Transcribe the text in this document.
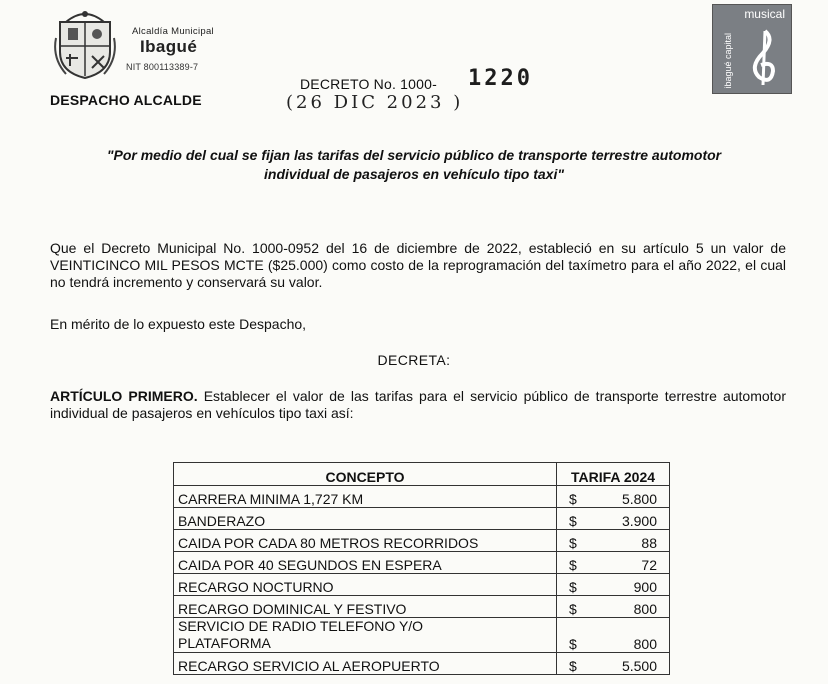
Alcaldía Municipal
Ibagué
NIT 800113389-7
DESPACHO ALCALDE
DECRETO No. 1000- 1220
(26 DIC 2023 )
musical
ibagué capital
"Por medio del cual se fijan las tarifas del servicio público de transporte terrestre automotor
individual de pasajeros en vehículo tipo taxi"
Que el Decreto Municipal No. 1000-0952 del 16 de diciembre de 2022, estableció en su artículo 5 un valor de VEINTICINCO MIL PESOS MCTE ($25.000) como costo de la reprogramación del taxímetro para el año 2022, el cual no tendrá incremento y conservará su valor.
En mérito de lo expuesto este Despacho,
DECRETA:
ARTÍCULO PRIMERO. Establecer el valor de las tarifas para el servicio público de transporte terrestre automotor individual de pasajeros en vehículos tipo taxi así:
CONCEPTO	TARIFA 2024
CARRERA MINIMA 1,727 KM	$ 5.800

BANDERAZO	$ 3.900

CAIDA POR CADA 80 METROS RECORRIDOS	$ 88

CAIDA POR 40 SEGUNDOS EN ESPERA	$ 72

RECARGO NOCTURNO	$ 900

RECARGO DOMINICAL Y FESTIVO	$ 800

SERVICIO DE RADIO TELEFONO Y/O PLATAFORMA	$ 800

RECARGO SERVICIO AL AEROPUERTO	$ 5.500
